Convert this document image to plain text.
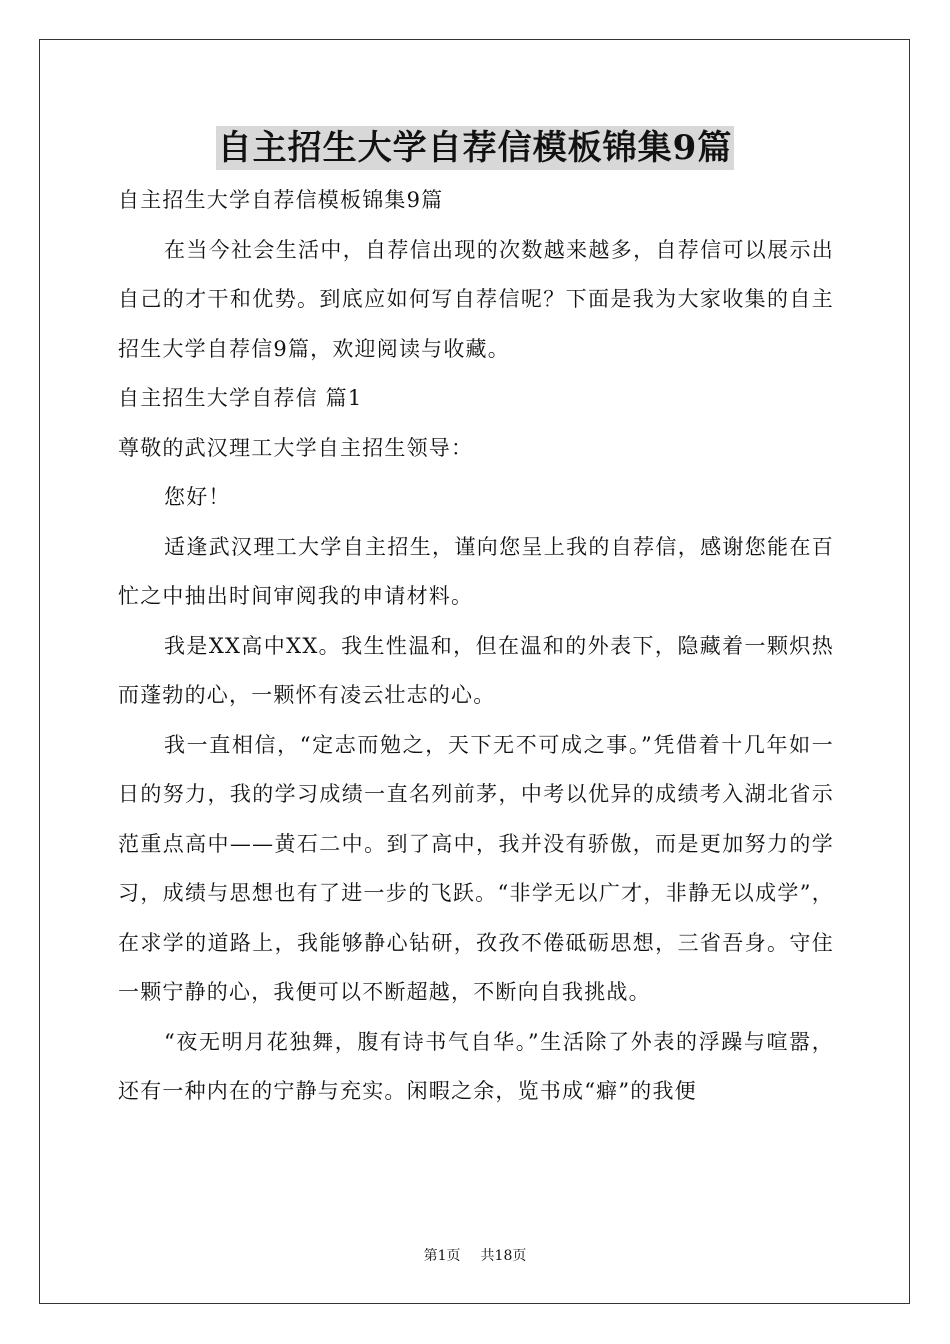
自主招生大学自荐信模板锦集9篇

自主招生大学自荐信模板锦集9篇

在当今社会生活中，自荐信出现的次数越来越多，自荐信可以展示出自己的才干和优势。到底应如何写自荐信呢？下面是我为大家收集的自主招生大学自荐信9篇，欢迎阅读与收藏。

自主招生大学自荐信 篇1

尊敬的武汉理工大学自主招生领导：

您好！

适逢武汉理工大学自主招生，谨向您呈上我的自荐信，感谢您能在百忙之中抽出时间审阅我的申请材料。

我是XX高中XX。我生性温和，但在温和的外表下，隐藏着一颗炽热而蓬勃的心，一颗怀有凌云壮志的心。

我一直相信，“定志而勉之，天下无不可成之事。”凭借着十几年如一日的努力，我的学习成绩一直名列前茅，中考以优异的成绩考入湖北省示范重点高中——黄石二中。到了高中，我并没有骄傲，而是更加努力的学习，成绩与思想也有了进一步的飞跃。“非学无以广才，非静无以成学”，在求学的道路上，我能够静心钻研，孜孜不倦砥砺思想，三省吾身。守住一颗宁静的心，我便可以不断超越，不断向自我挑战。

“夜无明月花独舞，腹有诗书气自华。”生活除了外表的浮躁与喧嚣，还有一种内在的宁静与充实。闲暇之余，览书成“癖”的我便

第1页 共18页
